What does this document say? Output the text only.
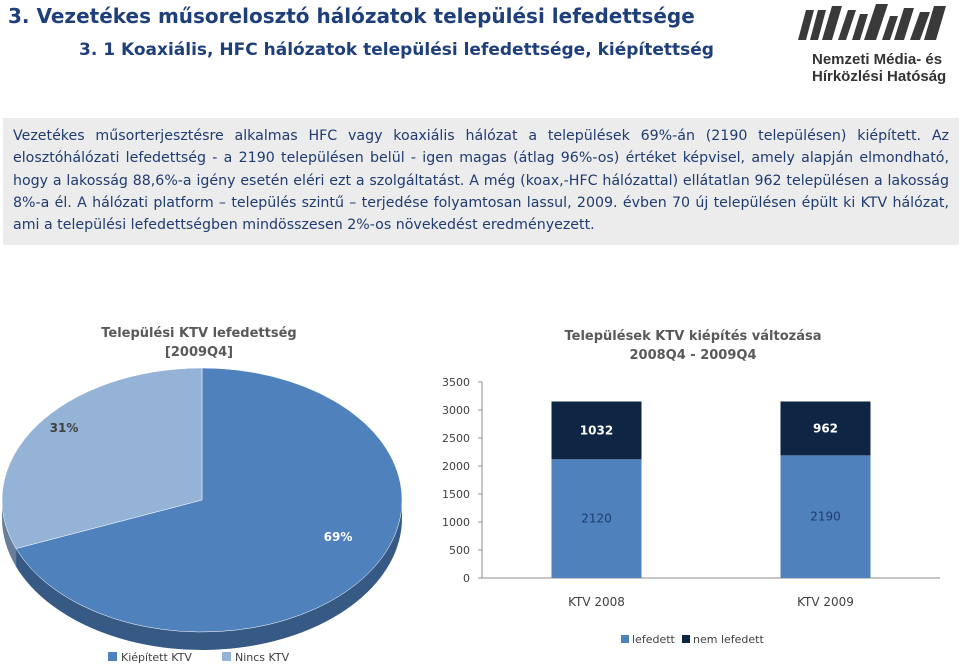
3. Vezetékes műsorelosztó hálózatok települési lefedettsége
3. 1 Koaxiális, HFC hálózatok települési lefedettsége, kiépítettség	Nemzeti Média- és
Hírközlési Hatóság

Vezetékes műsorterjesztésre alkalmas HFC vagy koaxiális hálózat a települések 69%-án (2190 településen) kiépített. Az elosztóhálózati lefedettség - a 2190 településen belül - igen magas (átlag 96%-os) értéket képvisel, amely alapján elmondható, hogy a lakosság 88,6%-a igény esetén eléri ezt a szolgáltatást. A még (koax,-HFC hálózattal) ellátatlan 962 településen a lakosság 8%-a él. A hálózati platform – település szintű – terjedése folyamtosan lassul, 2009. évben 70 új településen épült ki KTV hálózat, ami a települési lefedettségben mindösszesen 2%-os növekedést eredményezett.

Települési KTV lefedettség
[2009Q4]
31%
69%
Kiépített KTV	Nincs KTV
Települések KTV kiépítés változása
2008Q4 - 2009Q4
0
500
1000
1500
2000
2500
3000
3500
2120
1032
2190
962
KTV 2008	KTV 2009
lefedett nem lefedett
